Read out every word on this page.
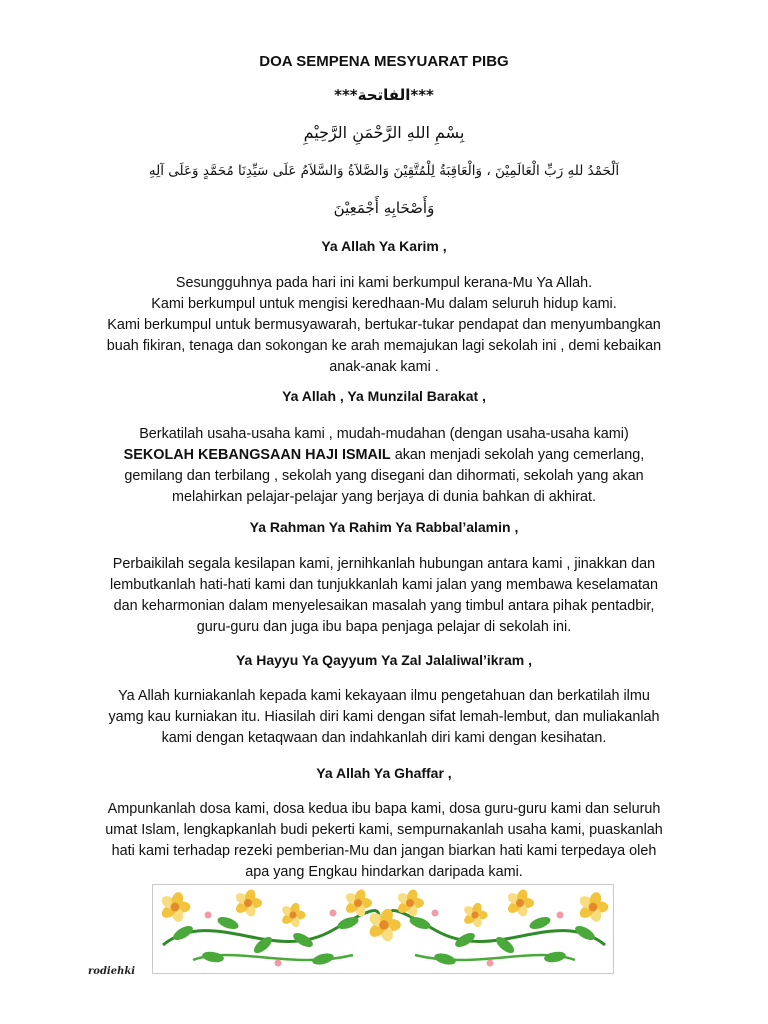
DOA SEMPENA MESYUARAT PIBG
***الفاتحة***
بِسْمِ اللهِ الرَّحْمَنِ الرَّحِيْمِ
اَلْحَمْدُ للهِ رَبِّ الْعَالَمِيْنَ ، وَالْعَاقِبَةُ لِلْمُتَّقِيْنَ وَالصَّلاَةُ وَالسَّلاَمُ عَلَى سَيِّدِنَا مُحَمَّدٍ وَعَلَى آلِهِ
وَأَصْحَابِهِ أَجْمَعِيْنَ
Ya Allah Ya Karim ,

Sesungguhnya pada hari ini kami berkumpul kerana-Mu Ya Allah.

Kami berkumpul untuk mengisi keredhaan-Mu dalam seluruh hidup kami.

Kami berkumpul untuk bermusyawarah, bertukar-tukar pendapat dan menyumbangkan

buah fikiran, tenaga dan sokongan ke arah memajukan lagi sekolah ini , demi kebaikan

anak-anak kami .

Ya Allah , Ya Munzilal Barakat ,

Berkatilah usaha-usaha kami , mudah-mudahan (dengan usaha-usaha kami)

SEKOLAH KEBANGSAAN HAJI ISMAIL akan menjadi sekolah yang cemerlang,

gemilang dan terbilang , sekolah yang disegani dan dihormati, sekolah yang akan

melahirkan pelajar-pelajar yang berjaya di dunia bahkan di akhirat.

Ya Rahman Ya Rahim Ya Rabbal’alamin ,

Perbaikilah segala kesilapan kami, jernihkanlah hubungan antara kami , jinakkan dan

lembutkanlah hati-hati kami dan tunjukkanlah kami jalan yang membawa keselamatan

dan keharmonian dalam menyelesaikan masalah yang timbul antara pihak pentadbir,

guru-guru dan juga ibu bapa penjaga pelajar di sekolah ini.

Ya Hayyu Ya Qayyum Ya Zal Jalaliwal’ikram ,

Ya Allah kurniakanlah kepada kami kekayaan ilmu pengetahuan dan berkatilah ilmu

yamg kau kurniakan itu. Hiasilah diri kami dengan sifat lemah-lembut, dan muliakanlah

kami dengan ketaqwaan dan indahkanlah diri kami dengan kesihatan.

Ya Allah Ya Ghaffar ,

Ampunkanlah dosa kami, dosa kedua ibu bapa kami, dosa guru-guru kami dan seluruh

umat Islam, lengkapkanlah budi pekerti kami, sempurnakanlah usaha kami, puaskanlah

hati kami terhadap rezeki pemberian-Mu dan jangan biarkan hati kami terpedaya oleh

apa yang Engkau hindarkan daripada kami.

rodiehki
